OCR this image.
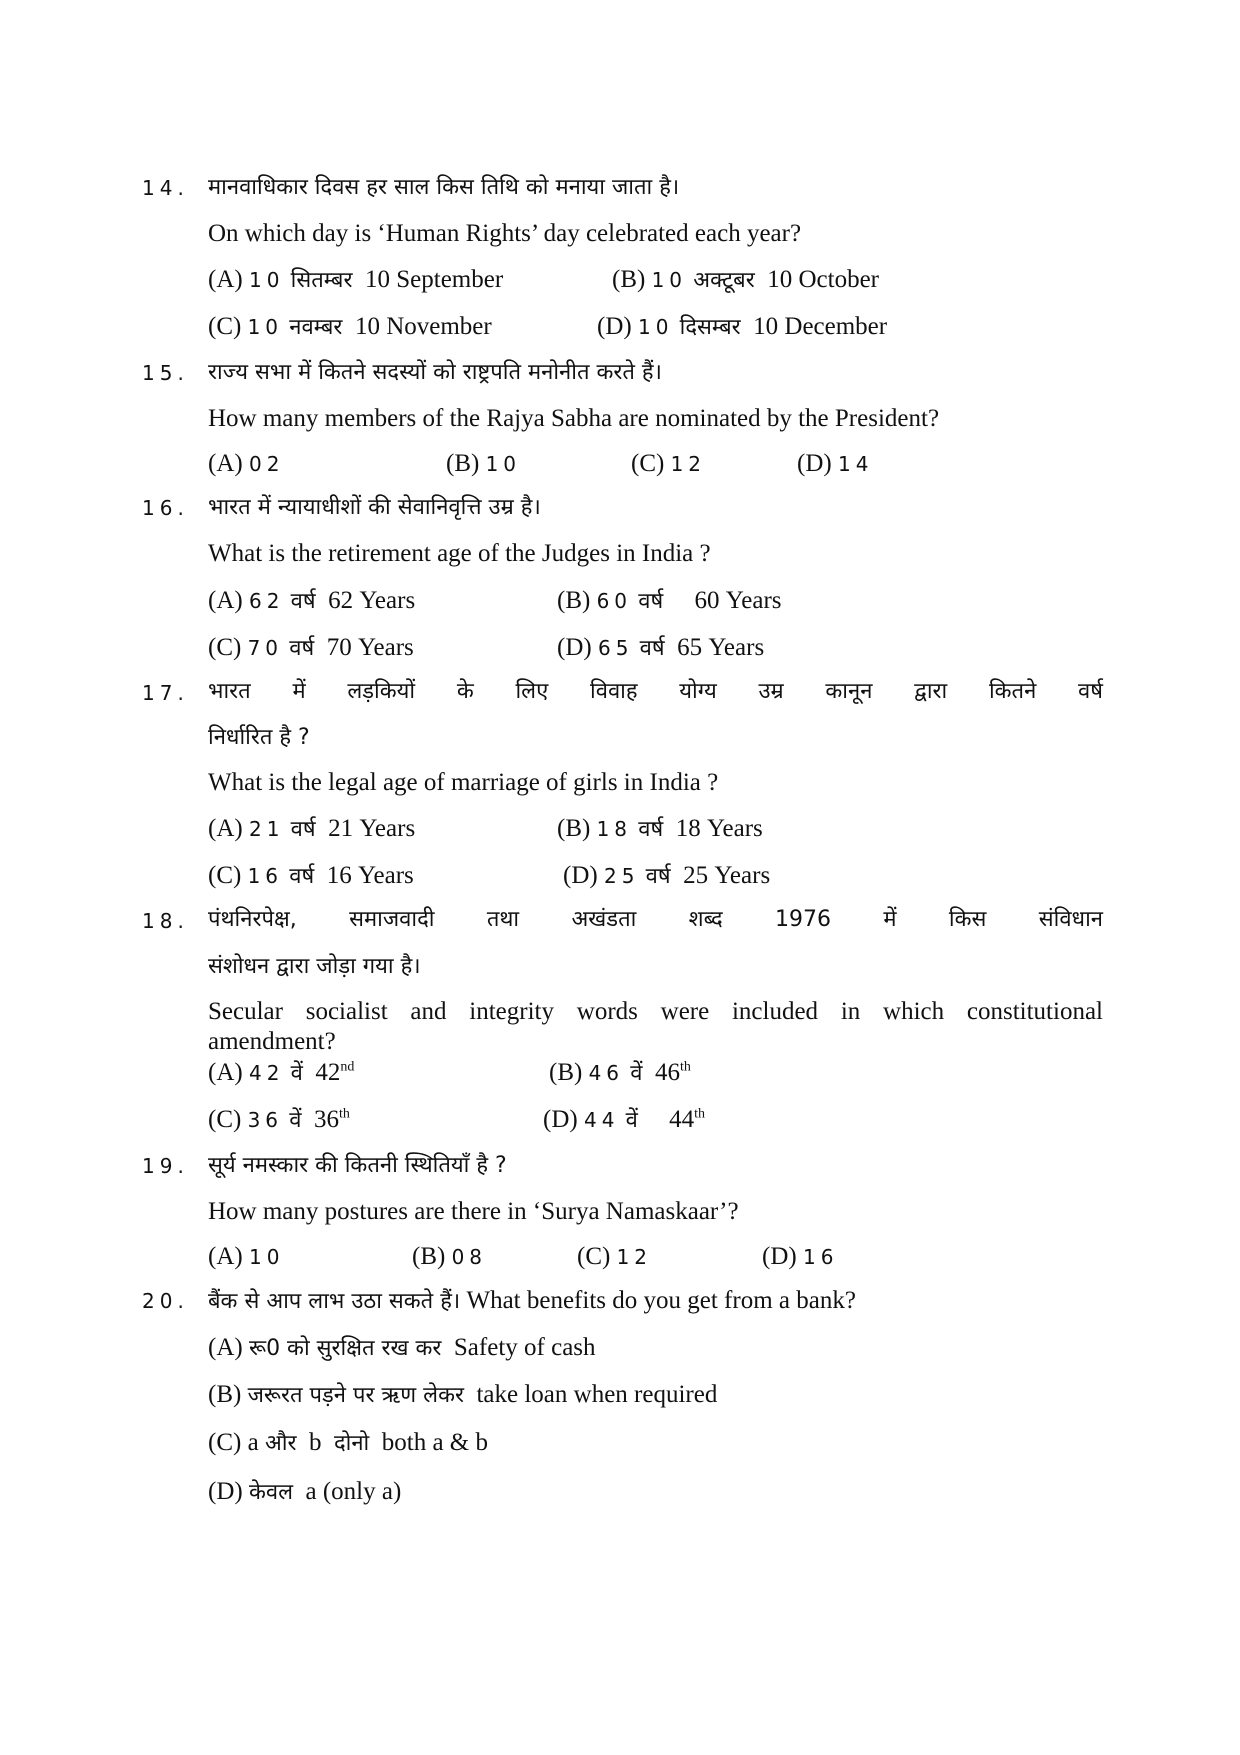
14. मानवाधिकार दिवस हर साल किस तिथि को मनाया जाता है।
On which day is ‘Human Rights’ day celebrated each year?
(A) 10 सितम्बर 10 September	(B) 10 अक्टूबर 10 October
(C) 10 नवम्बर 10 November	(D) 10 दिसम्बर 10 December
15. राज्य सभा में कितने सदस्यों को राष्ट्रपति मनोनीत करते हैं।
How many members of the Rajya Sabha are nominated by the President?
(A) 02	(B) 10	(C) 12	(D) 14
16. भारत में न्यायाधीशों की सेवानिवृत्ति उम्र है।
What is the retirement age of the Judges in India ?
(A) 62 वर्ष 62 Years	(B) 60 वर्ष 60 Years
(C) 70 वर्ष 70 Years	(D) 65 वर्ष 65 Years
17. भारत में लड़कियों के लिए विवाह योग्य उम्र कानून द्वारा कितने वर्ष
निर्धारित है ?
What is the legal age of marriage of girls in India ?
(A) 21 वर्ष 21 Years	(B) 18 वर्ष 18 Years
(C) 16 वर्ष 16 Years	(D) 25 वर्ष 25 Years
18. पंथनिरपेक्ष, समाजवादी तथा अखंडता शब्द 1976 में किस संविधान
संशोधन द्वारा जोड़ा गया है।
Secular socialist and integrity words were included in which constitutional
amendment?
(A) 42 वें 42nd	(B) 46 वें 46th
(C) 36 वें 36th	(D) 44 वें 44th
19. सूर्य नमस्कार की कितनी स्थितियाँ है ?
How many postures are there in ‘Surya Namaskaar’?
(A) 10	(B) 08	(C) 12	(D) 16
20. बैंक से आप लाभ उठा सकते हैं। What benefits do you get from a bank?
(A) रू0 को सुरक्षित रख कर Safety of cash
(B) जरूरत पड़ने पर ऋण लेकर take loan when required
(C) a और b दोनो both a & b
(D) केवल a (only a)
